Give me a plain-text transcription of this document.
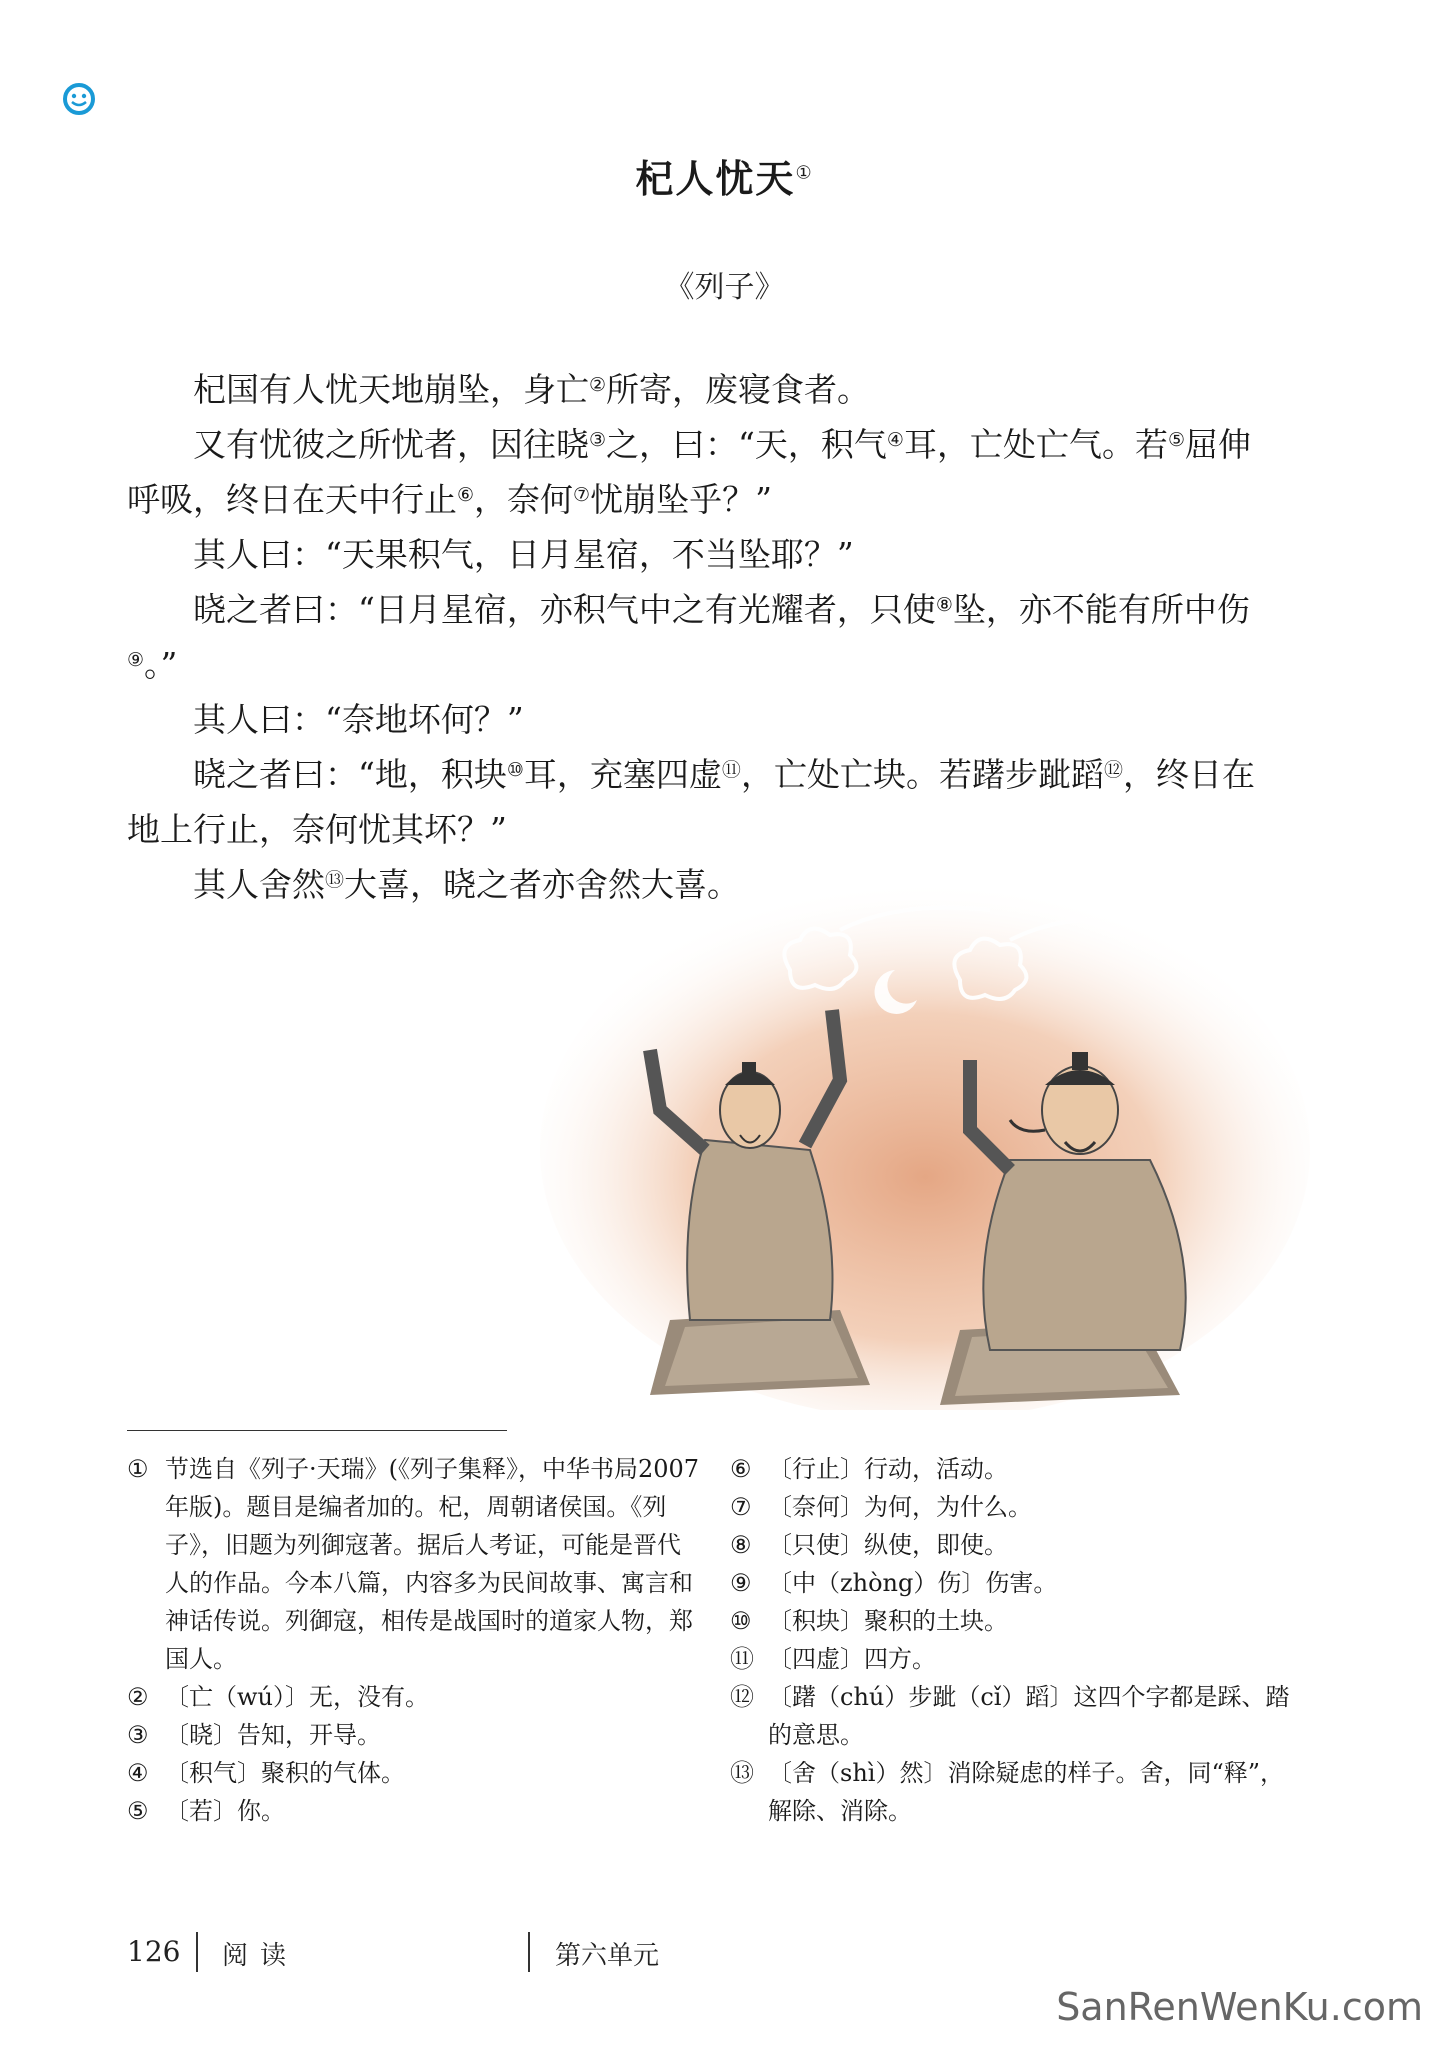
杞人忧天①
《列子》

杞国有人忧天地崩坠，身亡②所寄，废寝食者。

又有忧彼之所忧者，因往晓③之，曰：“天，积气④耳，亡处亡气。若⑤屈伸呼吸，终日在天中行止⑥，奈何⑦忧崩坠乎？”

其人曰：“天果积气，日月星宿，不当坠耶？”

晓之者曰：“日月星宿，亦积气中之有光耀者，只使⑧坠，亦不能有所中伤⑨。”

其人曰：“奈地坏何？”

晓之者曰：“地，积块⑩耳，充塞四虚⑪，亡处亡块。若躇步跐蹈⑫，终日在地上行止，奈何忧其坏？”

其人舍然⑬大喜，晓之者亦舍然大喜。

① 节选自《列子·天瑞》(《列子集释》，中华书局2007年版)。题目是编者加的。杞，周朝诸侯国。《列子》，旧题为列御寇著。据后人考证，可能是晋代人的作品。今本八篇，内容多为民间故事、寓言和神话传说。列御寇，相传是战国时的道家人物，郑国人。
② 〔亡（wú）〕无，没有。
③ 〔晓〕告知，开导。
④ 〔积气〕聚积的气体。
⑤ 〔若〕你。
⑥ 〔行止〕行动，活动。
⑦ 〔奈何〕为何，为什么。
⑧ 〔只使〕纵使，即使。
⑨ 〔中（zhòng）伤〕伤害。
⑩ 〔积块〕聚积的土块。
⑪ 〔四虚〕四方。
⑫ 〔躇（chú）步跐（cǐ）蹈〕这四个字都是踩、踏的意思。
⑬ 〔舍（shì）然〕消除疑虑的样子。舍，同“释”，解除、消除。
126 阅读	第六单元
SanRenWenKu.com
